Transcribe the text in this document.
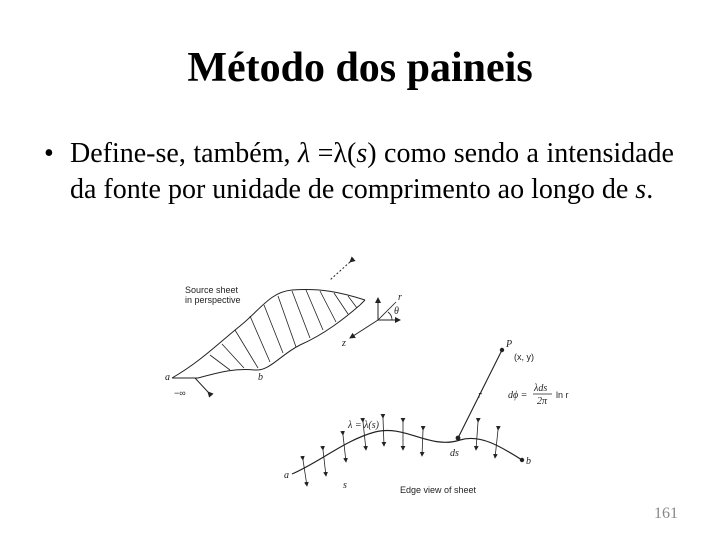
Método dos paineis
• Define-se, também, λ =λ(s) como sendo a intensidade da fonte por unidade de comprimento ao longo de s.
Source sheet
in perspective
a	b
−∞
z
θ
r
P
(x, y)
r	dϕ =
λds
2π
ln r
λ = λ(s)
ds
a
b
s	Edge view of sheet
161
